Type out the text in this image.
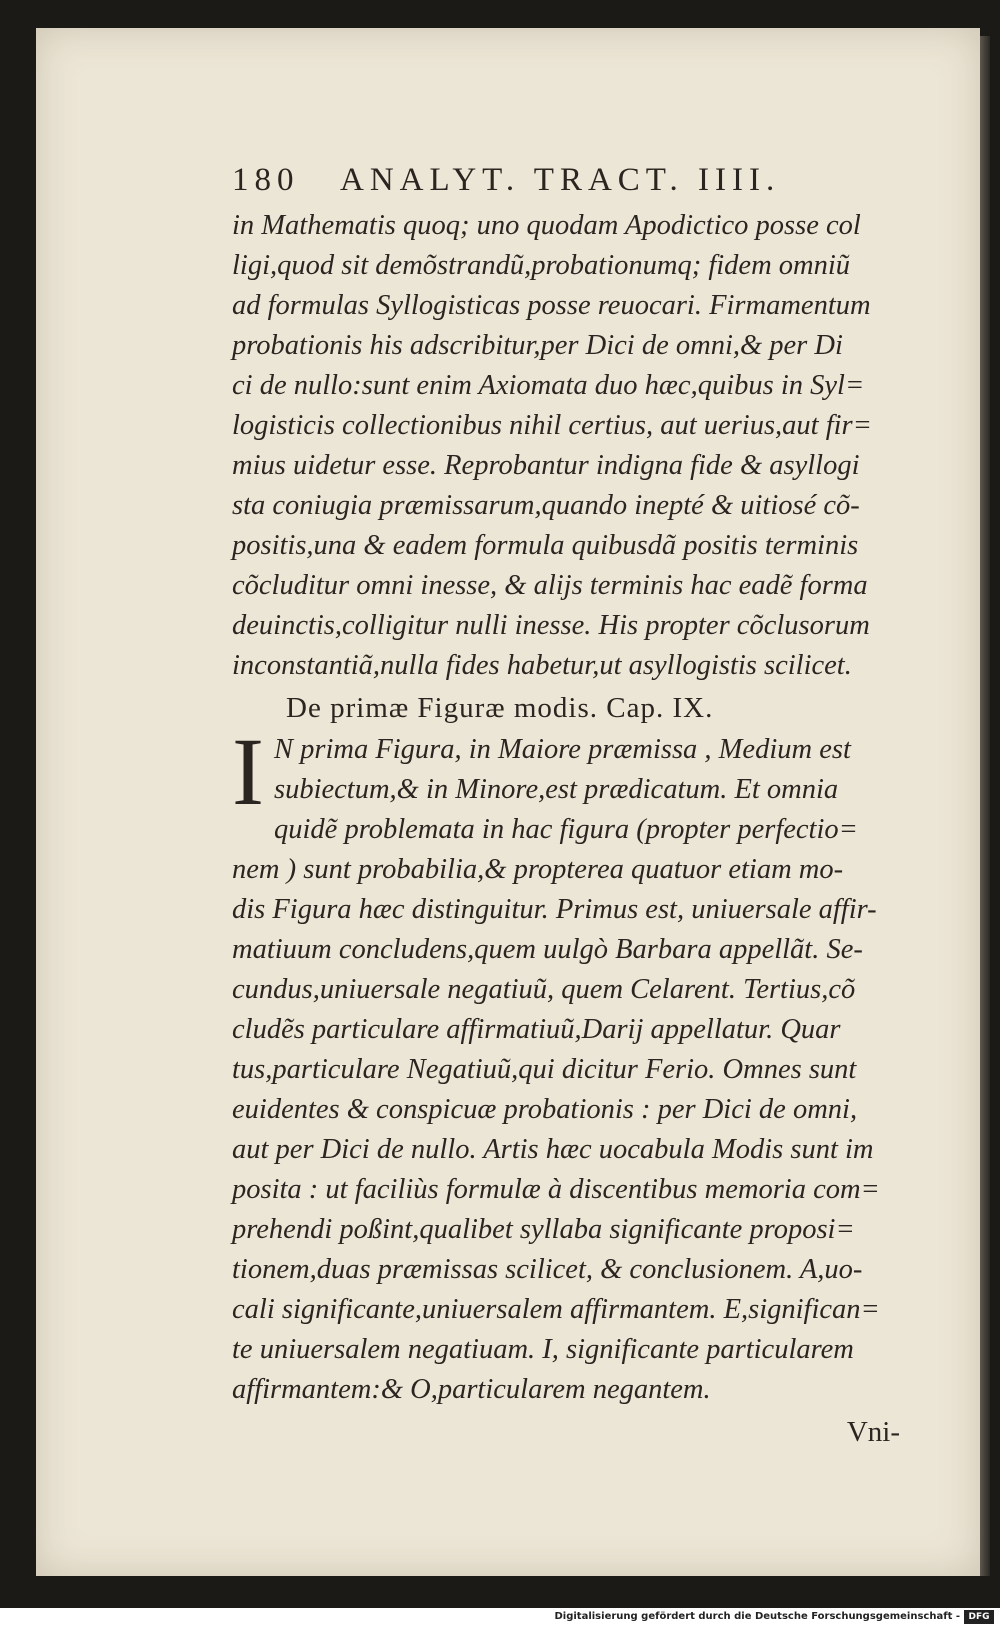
180	ANALYT. TRACT. IIII.
in Mathematis quoq; uno quodam Apodictico posse col
ligi,quod sit demõstrandũ,probationumq; fidem omniũ
ad formulas Syllogisticas posse reuocari. Firmamentum
probationis his adscribitur,per Dici de omni,& per Di
ci de nullo:sunt enim Axiomata duo hæc,quibus in Syl=
logisticis collectionibus nihil certius, aut uerius,aut fir=
mius uidetur esse. Reprobantur indigna fide & asyllogi
sta coniugia præmissarum,quando inepté & uitiosé cõ-
positis,una & eadem formula quibusdã positis terminis
cõcluditur omni inesse, & alijs terminis hac eadẽ forma
deuinctis,colligitur nulli inesse. His propter cõclusorum
inconstantiã,nulla fides habetur,ut asyllogistis scilicet.
De primæ Figuræ modis. Cap. IX.
I N prima Figura, in Maiore præmissa , Medium est
subiectum,& in Minore,est prædicatum. Et omnia
quidẽ problemata in hac figura (propter perfectio=
nem ) sunt probabilia,& propterea quatuor etiam mo-
dis Figura hæc distinguitur. Primus est, uniuersale affir-
matiuum concludens,quem uulgò Barbara appellãt. Se-
cundus,uniuersale negatiuũ, quem Celarent. Tertius,cõ
cludẽs particulare affirmatiuũ,Darij appellatur. Quar
tus,particulare Negatiuũ,qui dicitur Ferio. Omnes sunt
euidentes & conspicuæ probationis : per Dici de omni,
aut per Dici de nullo. Artis hæc uocabula Modis sunt im
posita : ut faciliùs formulæ à discentibus memoria com=
prehendi poßint,qualibet syllaba significante proposi=
tionem,duas præmissas scilicet, & conclusionem. A,uo-
cali significante,uniuersalem affirmantem. E,significan=
te uniuersalem negatiuam. I, significante particularem
affirmantem:& O,particularem negantem.
Vni-
Digitalisierung gefördert durch die Deutsche Forschungsgemeinschaft - DFG
